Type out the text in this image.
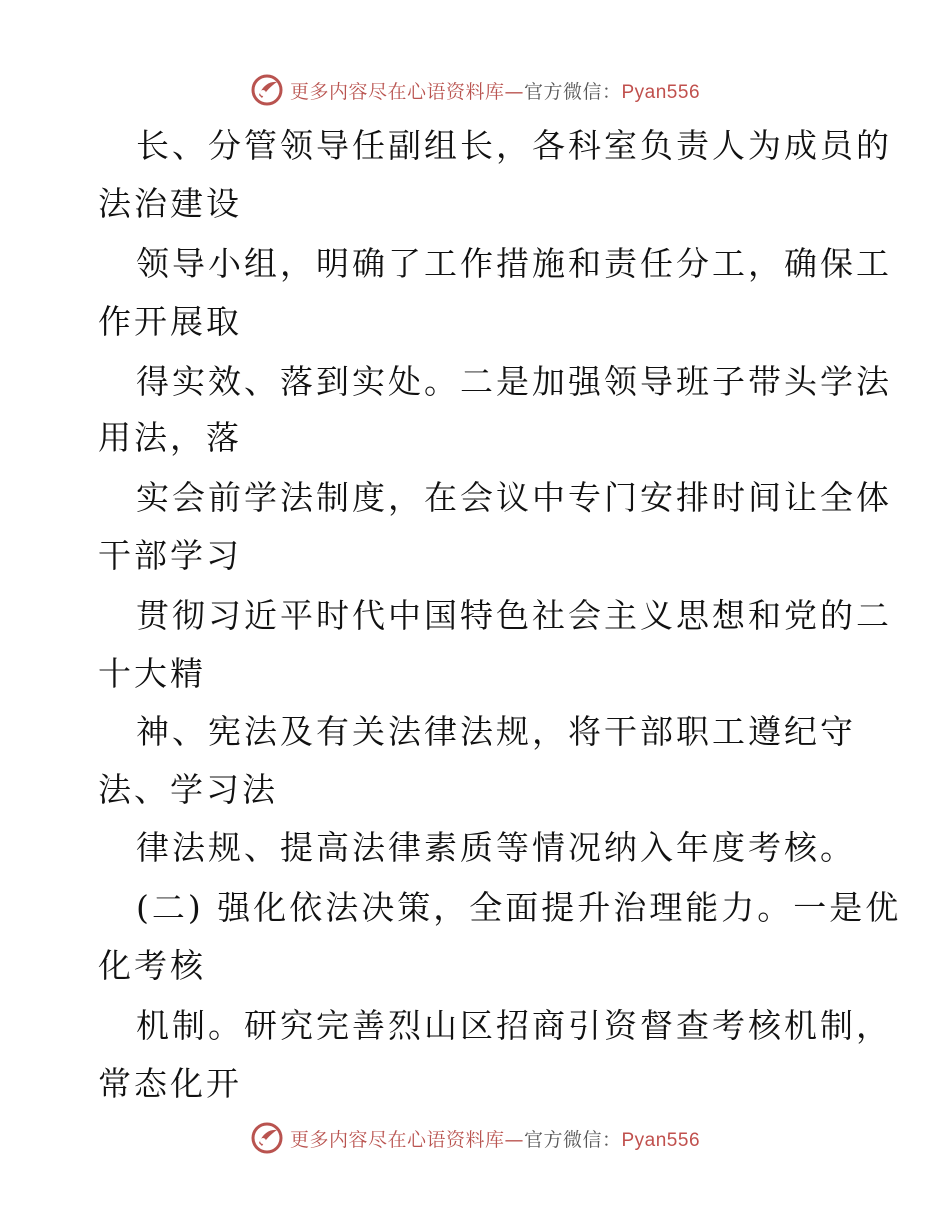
更多内容尽在心语资料库—官方微信：Pyan556
长、分管领导任副组长，各科室负责人为成员的
法治建设
领导小组，明确了工作措施和责任分工，确保工
作开展取
得实效、落到实处。二是加强领导班子带头学法
用法，落
实会前学法制度，在会议中专门安排时间让全体
干部学习
贯彻习近平时代中国特色社会主义思想和党的二
十大精
神、宪法及有关法律法规，将干部职工遵纪守
法、学习法
律法规、提高法律素质等情况纳入年度考核。
(二) 强化依法决策，全面提升治理能力。一是优
化考核
机制。研究完善烈山区招商引资督查考核机制，
常态化开
更多内容尽在心语资料库—官方微信：Pyan556
